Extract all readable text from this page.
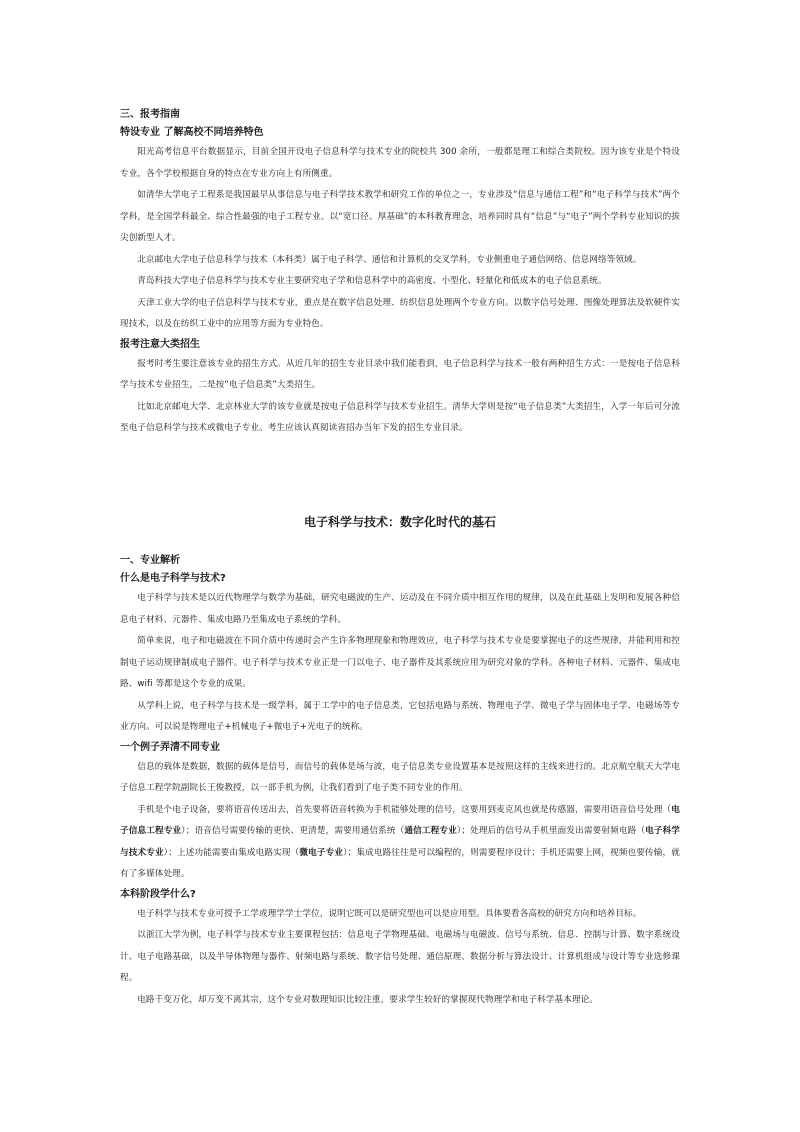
三、报考指南

特设专业 了解高校不同培养特色

阳光高考信息平台数据显示，目前全国开设电子信息科学与技术专业的院校共 300 余所，一般都是理工和综合类院校。因为该专业是个特设专业，各个学校根据自身的特点在专业方向上有所侧重。

如清华大学电子工程系是我国最早从事信息与电子科学技术教学和研究工作的单位之一，专业涉及“信息与通信工程”和“电子科学与技术”两个学科，是全国学科最全、综合性最强的电子工程专业。以“宽口径、厚基础”的本科教育理念，培养同时具有“信息”与“电子”两个学科专业知识的拔尖创新型人才。

北京邮电大学电子信息科学与技术（本科类）属于电子科学、通信和计算机的交叉学科，专业侧重电子通信网络、信息网络等领域。

青岛科技大学电子信息科学与技术专业主要研究电子学和信息科学中的高密度、小型化、轻量化和低成本的电子信息系统。

天津工业大学的电子信息科学与技术专业，重点是在数字信息处理、纺织信息处理两个专业方向。以数字信号处理、图像处理算法及软硬件实现技术，以及在纺织工业中的应用等方面为专业特色。

报考注意大类招生

报考时考生要注意该专业的招生方式。从近几年的招生专业目录中我们能看到，电子信息科学与技术一般有两种招生方式：一是按电子信息科学与技术专业招生，二是按“电子信息类”大类招生。

比如北京邮电大学、北京林业大学的该专业就是按电子信息科学与技术专业招生。清华大学则是按“电子信息类”大类招生，入学一年后可分流至电子信息科学与技术或微电子专业。考生应该认真阅读省招办当年下发的招生专业目录。

电子科学与技术：数字化时代的基石

一、专业解析

什么是电子科学与技术?

电子科学与技术是以近代物理学与数学为基础，研究电磁波的生产、运动及在不同介质中相互作用的规律，以及在此基础上发明和发展各种信息电子材料、元器件、集成电路乃至集成电子系统的学科。

简单来说，电子和电磁波在不同介质中传递时会产生许多物理现象和物理效应，电子科学与技术专业是要掌握电子的这些规律，并能利用和控制电子运动规律制成电子器件。电子科学与技术专业正是一门以电子、电子器件及其系统应用为研究对象的学科。各种电子材料、元器件、集成电路、wifi 等都是这个专业的成果。

从学科上说，电子科学与技术是一级学科，属于工学中的电子信息类，它包括电路与系统、物理电子学、微电子学与固体电子学、电磁场等专业方向。可以说是物理电子+机械电子+微电子+光电子的统称。

一个例子弄清不同专业

信息的载体是数据，数据的载体是信号，而信号的载体是场与波，电子信息类专业设置基本是按照这样的主线来进行的。北京航空航天大学电子信息工程学院副院长王俊教授，以一部手机为例，让我们看到了电子类不同专业的作用。

手机是个电子设备，要将语音传送出去，首先要将语音转换为手机能够处理的信号，这要用到麦克风也就是传感器，需要用语音信号处理（电子信息工程专业）；语音信号需要传输的更快、更清楚，需要用通信系统（通信工程专业）；处理后的信号从手机里面发出需要射频电路（电子科学与技术专业）；上述功能需要由集成电路实现（微电子专业）；集成电路往往是可以编程的，则需要程序设计；手机还需要上网，视频也要传输，就有了多媒体处理。

本科阶段学什么?

电子科学与技术专业可授予工学或理学学士学位，说明它既可以是研究型也可以是应用型。具体要看各高校的研究方向和培养目标。

以浙江大学为例，电子科学与技术专业主要课程包括：信息电子学物理基础、电磁场与电磁波、信号与系统、信息、控制与计算、数字系统设计、电子电路基础，以及半导体物理与器件、射频电路与系统、数字信号处理、通信原理、数据分析与算法设计、计算机组成与设计等专业选修课程。

电路千变万化，却万变不离其宗，这个专业对数理知识比较注重，要求学生较好的掌握现代物理学和电子科学基本理论。
